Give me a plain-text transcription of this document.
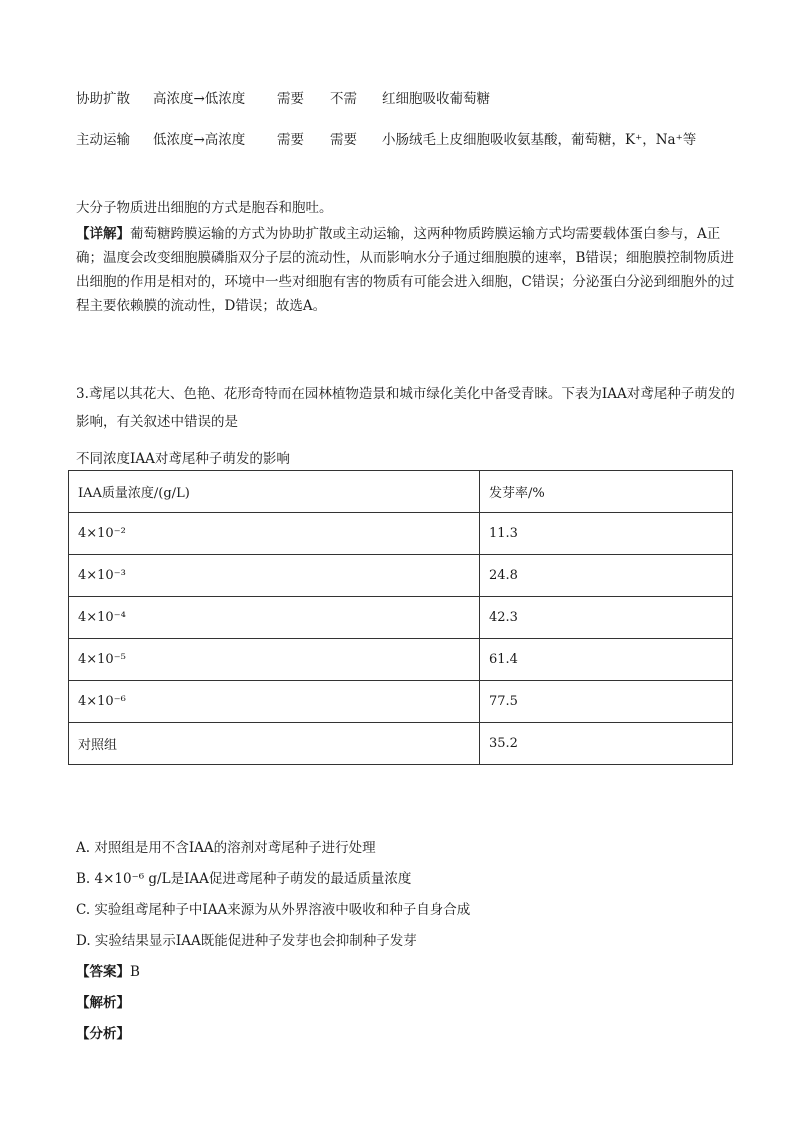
协助扩散 高浓度→低浓度 需要 不需 红细胞吸收葡萄糖
主动运输 低浓度→高浓度 需要 需要 小肠绒毛上皮细胞吸收氨基酸，葡萄糖，K⁺，Na⁺等
大分子物质进出细胞的方式是胞吞和胞吐。

【详解】葡萄糖跨膜运输的方式为协助扩散或主动运输，这两种物质跨膜运输方式均需要载体蛋白参与，A正确；温度会改变细胞膜磷脂双分子层的流动性，从而影响水分子通过细胞膜的速率，B错误；细胞膜控制物质进出细胞的作用是相对的，环境中一些对细胞有害的物质有可能会进入细胞，C错误；分泌蛋白分泌到细胞外的过程主要依赖膜的流动性，D错误；故选A。

3.鸢尾以其花大、色艳、花形奇特而在园林植物造景和城市绿化美化中备受青睐。下表为IAA对鸢尾种子萌发的影响，有关叙述中错误的是

不同浓度IAA对鸢尾种子萌发的影响
IAA质量浓度/(g/L)	发芽率/%
4×10⁻²	11.3
4×10⁻³	24.8
4×10⁻⁴	42.3
4×10⁻⁵	61.4
4×10⁻⁶	77.5
对照组	35.2
A. 对照组是用不含IAA的溶剂对鸢尾种子进行处理
B. 4×10⁻⁶ g/L是IAA促进鸢尾种子萌发的最适质量浓度
C. 实验组鸢尾种子中IAA来源为从外界溶液中吸收和种子自身合成
D. 实验结果显示IAA既能促进种子发芽也会抑制种子发芽
【答案】B
【解析】
【分析】
